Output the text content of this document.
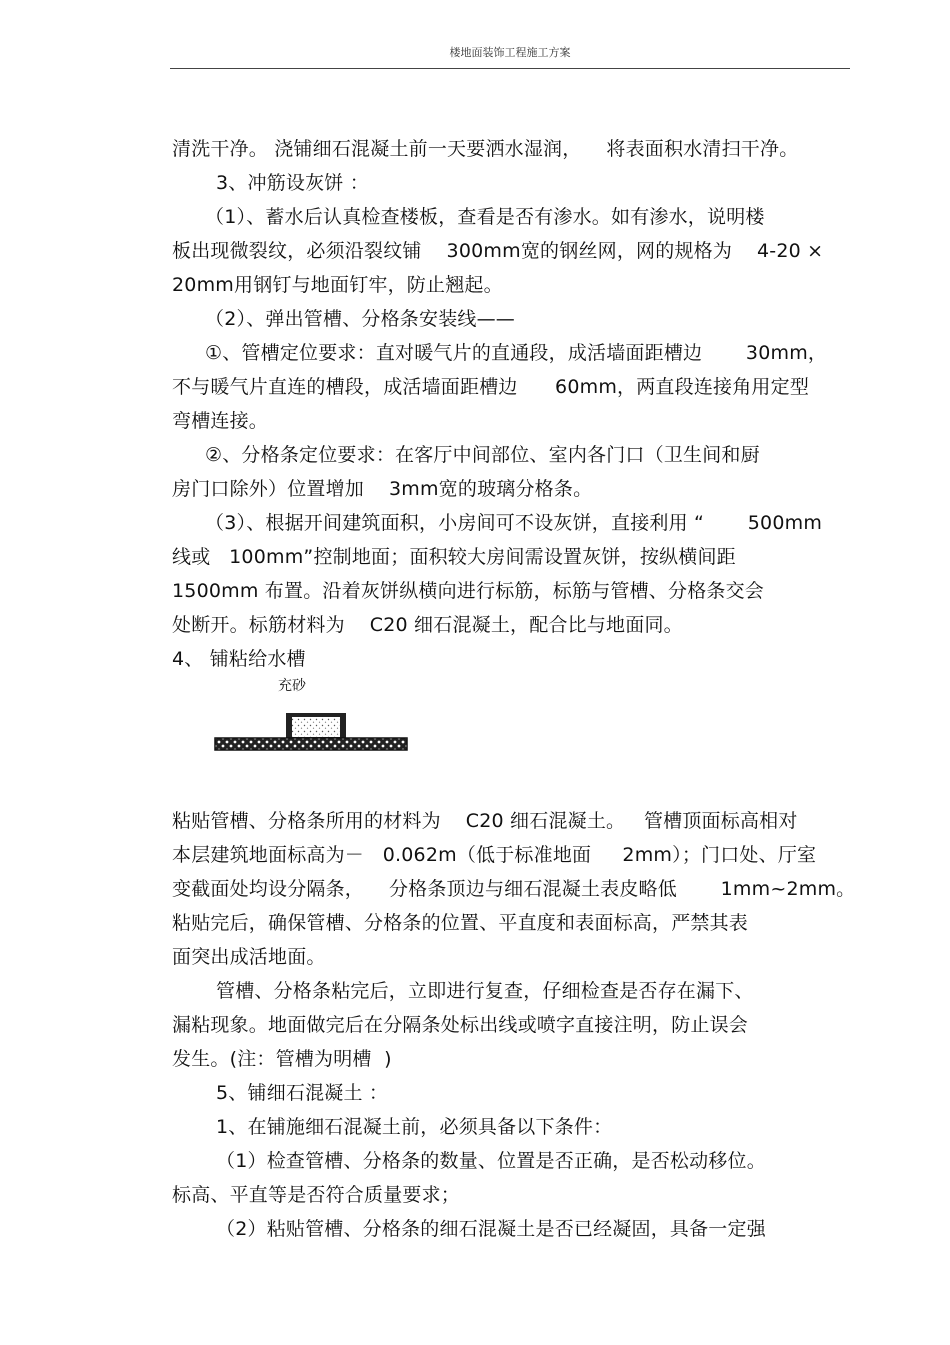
楼地面装饰工程施工方案
清洗干净。 浇铺细石混凝土前一天要洒水湿润，    将表面积水清扫干净。
3、冲筋设灰饼 ：
（1）、蓄水后认真检查楼板，查看是否有渗水。如有渗水，说明楼
板出现微裂纹，必须沿裂纹铺    300mm宽的钢丝网，网的规格为    4-20 ×
20mm用钢钉与地面钉牢，防止翘起。
（2）、弹出管槽、分格条安装线——
①、管槽定位要求：直对暖气片的直通段，成活墙面距槽边       30mm，
不与暖气片直连的槽段，成活墙面距槽边      60mm，两直段连接角用定型
弯槽连接。
②、分格条定位要求：在客厅中间部位、室内各门口（卫生间和厨
房门口除外）位置增加    3mm宽的玻璃分格条。
（3）、根据开间建筑面积，小房间可不设灰饼，直接利用 “       500mm
线或   100mm”控制地面；面积较大房间需设置灰饼，按纵横间距
1500mm 布置。沿着灰饼纵横向进行标筋，标筋与管槽、分格条交会
处断开。标筋材料为    C20 细石混凝土，配合比与地面同。
4、 铺粘给水槽
充砂
粘贴管槽、分格条所用的材料为    C20 细石混凝土。   管槽顶面标高相对
本层建筑地面标高为－   0.062m（低于标准地面     2mm）；门口处、厅室
变截面处均设分隔条，    分格条顶边与细石混凝土表皮略低       1mm~2mm。
粘贴完后，确保管槽、分格条的位置、平直度和表面标高，严禁其表
面突出成活地面。
管槽、分格条粘完后，立即进行复查，仔细检查是否存在漏下、
漏粘现象。地面做完后在分隔条处标出线或喷字直接注明，防止误会
发生。(注：管槽为明槽  )
5、铺细石混凝土 ：
1、在铺施细石混凝土前，必须具备以下条件：
（1）检查管槽、分格条的数量、位置是否正确，是否松动移位。
标高、平直等是否符合质量要求；
（2）粘贴管槽、分格条的细石混凝土是否已经凝固，具备一定强
